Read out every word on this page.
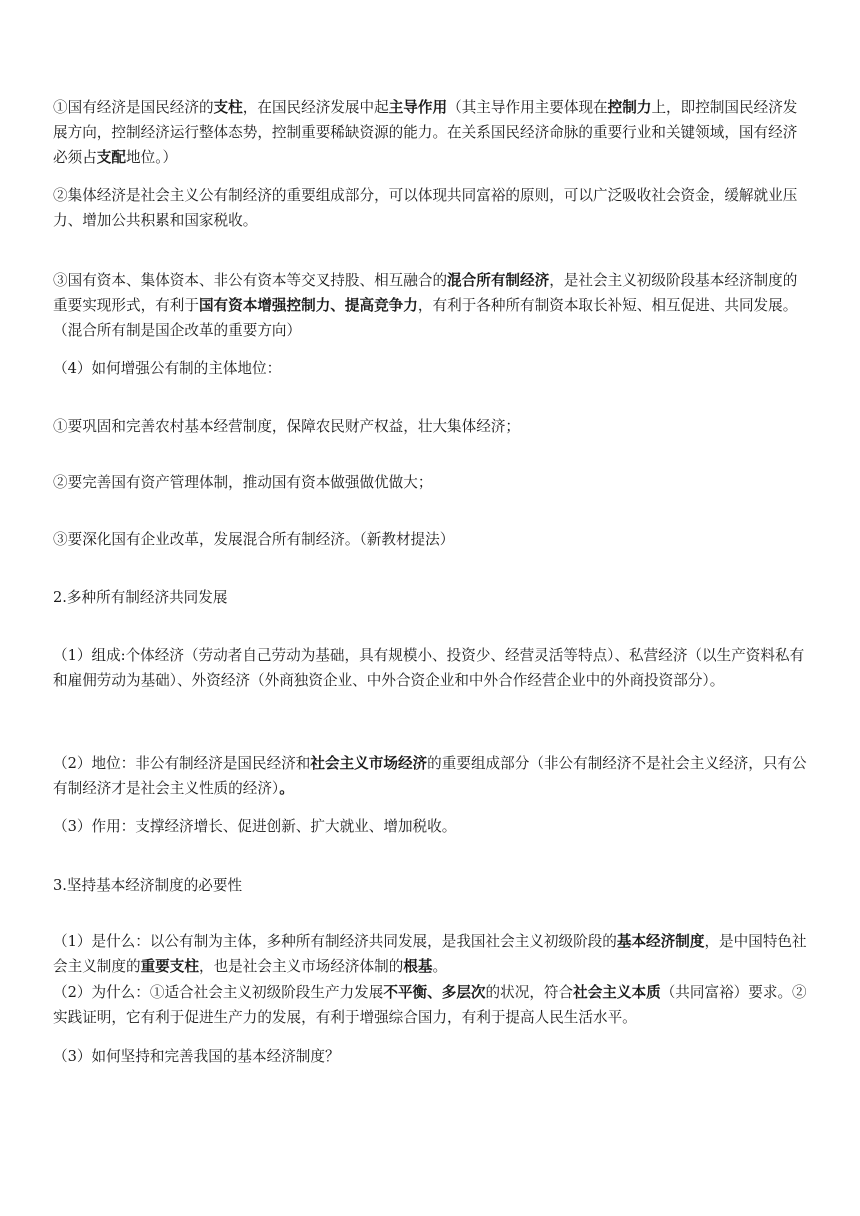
①国有经济是国民经济的支柱，在国民经济发展中起主导作用（其主导作用主要体现在控制力上，即控制国民经济发 展方向，控制经济运行整体态势，控制重要稀缺资源的能力。在关系国民经济命脉的重要行业和关键领域，国有经济 必须占支配地位。）

②集体经济是社会主义公有制经济的重要组成部分，可以体现共同富裕的原则，可以广泛吸收社会资金，缓解就业压 力、增加公共积累和国家税收。

③国有资本、集体资本、非公有资本等交叉持股、相互融合的混合所有制经济，是社会主义初级阶段基本经济制度的重要实现形式，有利于国有资本增强控制力、提高竞争力，有利于各种所有制资本取长补短、相互促进、共同发展。 （混合所有制是国企改革的重要方向）

（4）如何增强公有制的主体地位：

①要巩固和完善农村基本经营制度，保障农民财产权益，壮大集体经济；

②要完善国有资产管理体制，推动国有资本做强做优做大；

③要深化国有企业改革，发展混合所有制经济。（新教材提法）

2.多种所有制经济共同发展

（1）组成:个体经济（劳动者自己劳动为基础，具有规模小、投资少、经营灵活等特点）、私营经济（以生产资料私有和雇佣劳动为基础）、外资经济（外商独资企业、中外合资企业和中外合作经营企业中的外商投资部分）。

（2）地位：非公有制经济是国民经济和社会主义市场经济的重要组成部分（非公有制经济不是社会主义经济，只有公 有制经济才是社会主义性质的经济）。

（3）作用：支撑经济增长、促进创新、扩大就业、增加税收。

3.坚持基本经济制度的必要性

（1）是什么：以公有制为主体，多种所有制经济共同发展，是我国社会主义初级阶段的基本经济制度，是中国特色社 会主义制度的重要支柱，也是社会主义市场经济体制的根基。

（2）为什么：①适合社会主义初级阶段生产力发展不平衡、多层次的状况，符合社会主义本质（共同富裕）要求。②实践证明，它有利于促进生产力的发展，有利于增强综合国力，有利于提高人民生活水平。

（3）如何坚持和完善我国的基本经济制度？
